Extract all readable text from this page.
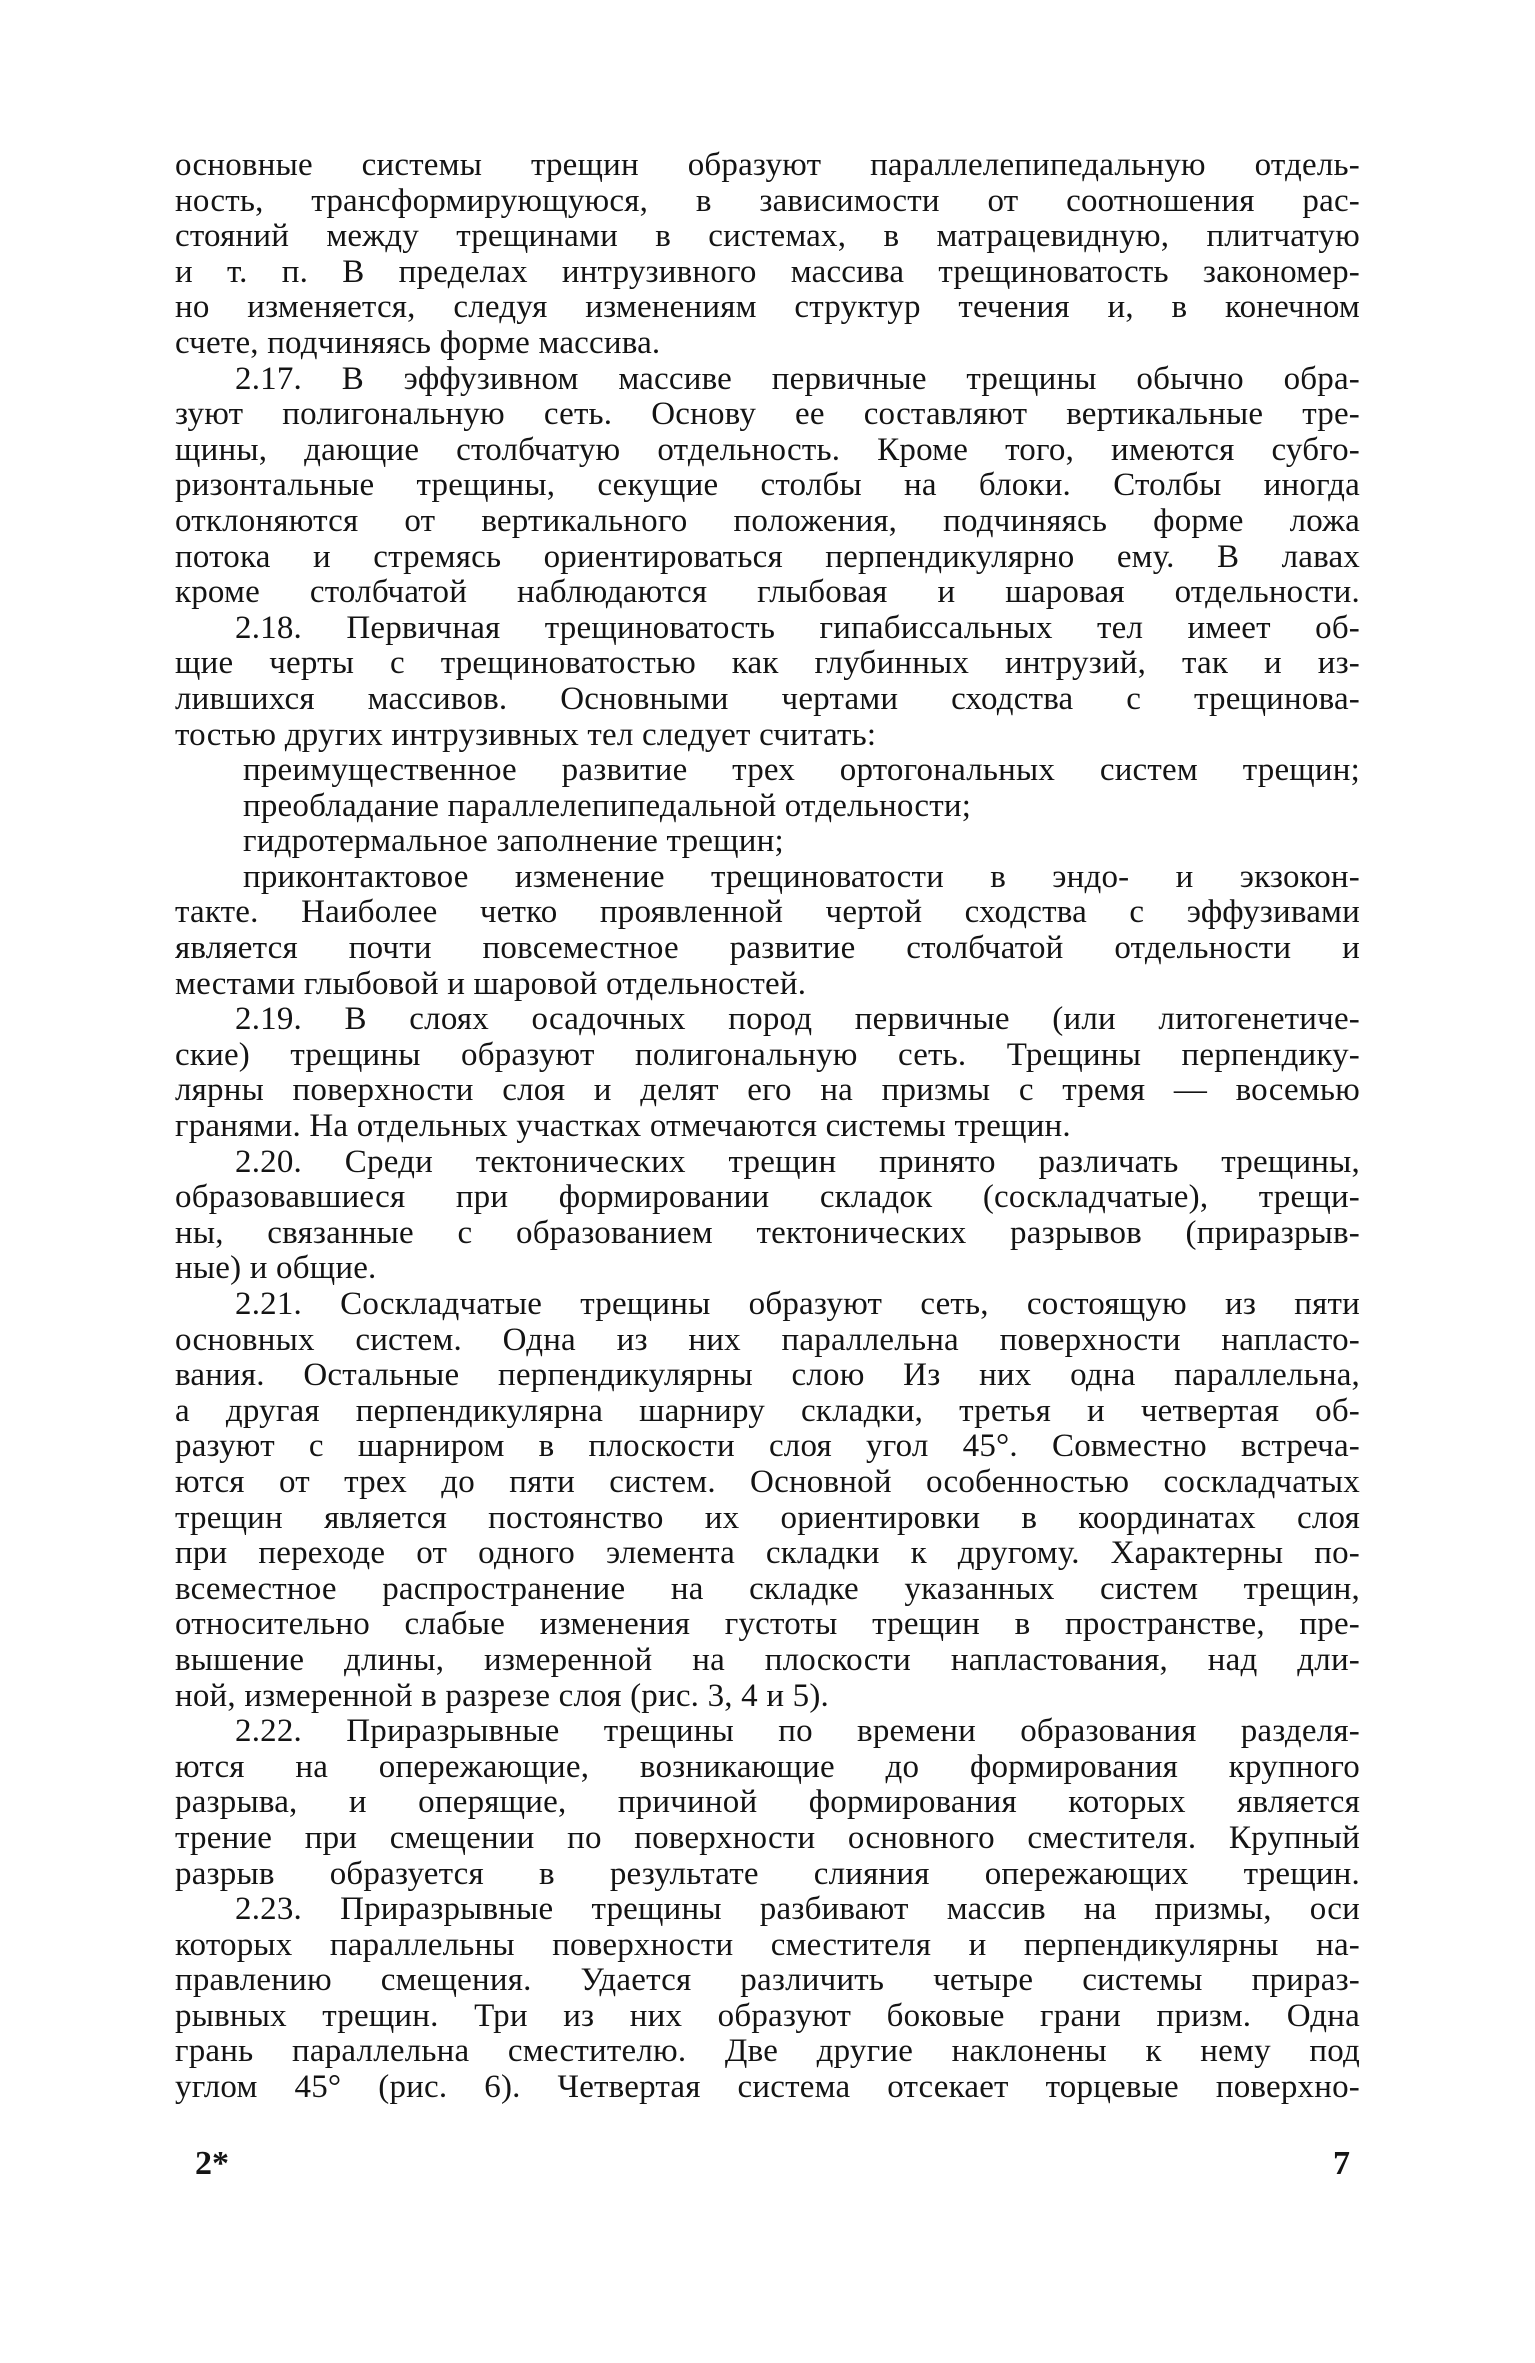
основные системы трещин образуют параллелепипедальную отдель-
ность, трансформирующуюся, в зависимости от соотношения рас-
стояний между трещинами в системах, в матрацевидную, плитчатую
и т. п. В пределах интрузивного массива трещиноватость закономер-
но изменяется, следуя изменениям структур течения и, в конечном
счете, подчиняясь форме массива.
2.17. В эффузивном массиве первичные трещины обычно обра-
зуют полигональную сеть. Основу ее составляют вертикальные тре-
щины, дающие столбчатую отдельность. Кроме того, имеются субго-
ризонтальные трещины, секущие столбы на блоки. Столбы иногда
отклоняются от вертикального положения, подчиняясь форме ложа
потока и стремясь ориентироваться перпендикулярно ему. В лавах
кроме столбчатой наблюдаются глыбовая и шаровая отдельности.
2.18. Первичная трещиноватость гипабиссальных тел имеет об-
щие черты с трещиноватостью как глубинных интрузий, так и из-
лившихся массивов. Основными чертами сходства с трещинова-
тостью других интрузивных тел следует считать:
преимущественное развитие трех ортогональных систем трещин;
преобладание параллелепипедальной отдельности;
гидротермальное заполнение трещин;
приконтактовое изменение трещиноватости в эндо- и экзокон-
такте. Наиболее четко проявленной чертой сходства с эффузивами
является почти повсеместное развитие столбчатой отдельности и
местами глыбовой и шаровой отдельностей.
2.19. В слоях осадочных пород первичные (или литогенетиче-
ские) трещины образуют полигональную сеть. Трещины перпендику-
лярны поверхности слоя и делят его на призмы с тремя — восемью
гранями. На отдельных участках отмечаются системы трещин.
2.20. Среди тектонических трещин принято различать трещины,
образовавшиеся при формировании складок (соскладчатые), трещи-
ны, связанные с образованием тектонических разрывов (приразрыв-
ные) и общие.
2.21. Соскладчатые трещины образуют сеть, состоящую из пяти
основных систем. Одна из них параллельна поверхности напласто-
вания. Остальные перпендикулярны слою Из них одна параллельна,
а другая перпендикулярна шарниру складки, третья и четвертая об-
разуют с шарниром в плоскости слоя угол 45°. Совместно встреча-
ются от трех до пяти систем. Основной особенностью соскладчатых
трещин является постоянство их ориентировки в координатах слоя
при переходе от одного элемента складки к другому. Характерны по-
всеместное распространение на складке указанных систем трещин,
относительно слабые изменения густоты трещин в пространстве, пре-
вышение длины, измеренной на плоскости напластования, над дли-
ной, измеренной в разрезе слоя (рис. 3, 4 и 5).
2.22. Приразрывные трещины по времени образования разделя-
ются на опережающие, возникающие до формирования крупного
разрыва, и оперящие, причиной формирования которых является
трение при смещении по поверхности основного сместителя. Крупный
разрыв образуется в результате слияния опережающих трещин.
2.23. Приразрывные трещины разбивают массив на призмы, оси
которых параллельны поверхности сместителя и перпендикулярны на-
правлению смещения. Удается различить четыре системы прираз-
рывных трещин. Три из них образуют боковые грани призм. Одна
грань параллельна сместителю. Две другие наклонены к нему под
углом 45° (рис. 6). Четвертая система отсекает торцевые поверхно-
2*	7
